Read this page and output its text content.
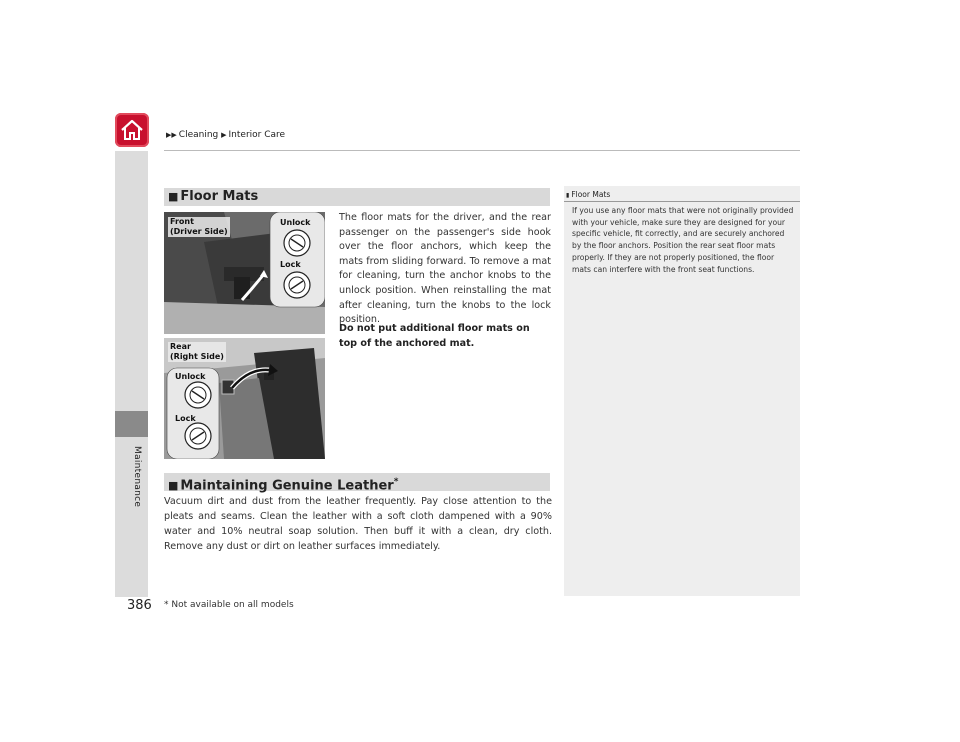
▶▶ Cleaning ▶ Interior Care
Maintenance
■ Floor Mats
Front
(Driver Side)
Unlock
Lock
Rear
(Right Side)
Unlock
Lock
The floor mats for the driver, and the rear passenger on the passenger's side hook over the floor anchors, which keep the mats from sliding forward. To remove a mat for cleaning, turn the anchor knobs to the unlock position. When reinstalling the mat after cleaning, turn the knobs to the lock position.
Do not put additional floor mats on top of the anchored mat.
■ Maintaining Genuine Leather*
Vacuum dirt and dust from the leather frequently. Pay close attention to the pleats and seams. Clean the leather with a soft cloth dampened with a 90% water and 10% neutral soap solution. Then buff it with a clean, dry cloth. Remove any dust or dirt on leather surfaces immediately.
▮ Floor Mats
If you use any floor mats that were not originally provided with your vehicle, make sure they are designed for your specific vehicle, fit correctly, and are securely anchored by the floor anchors. Position the rear seat floor mats properly. If they are not properly positioned, the floor mats can interfere with the front seat functions.
386 * Not available on all models
